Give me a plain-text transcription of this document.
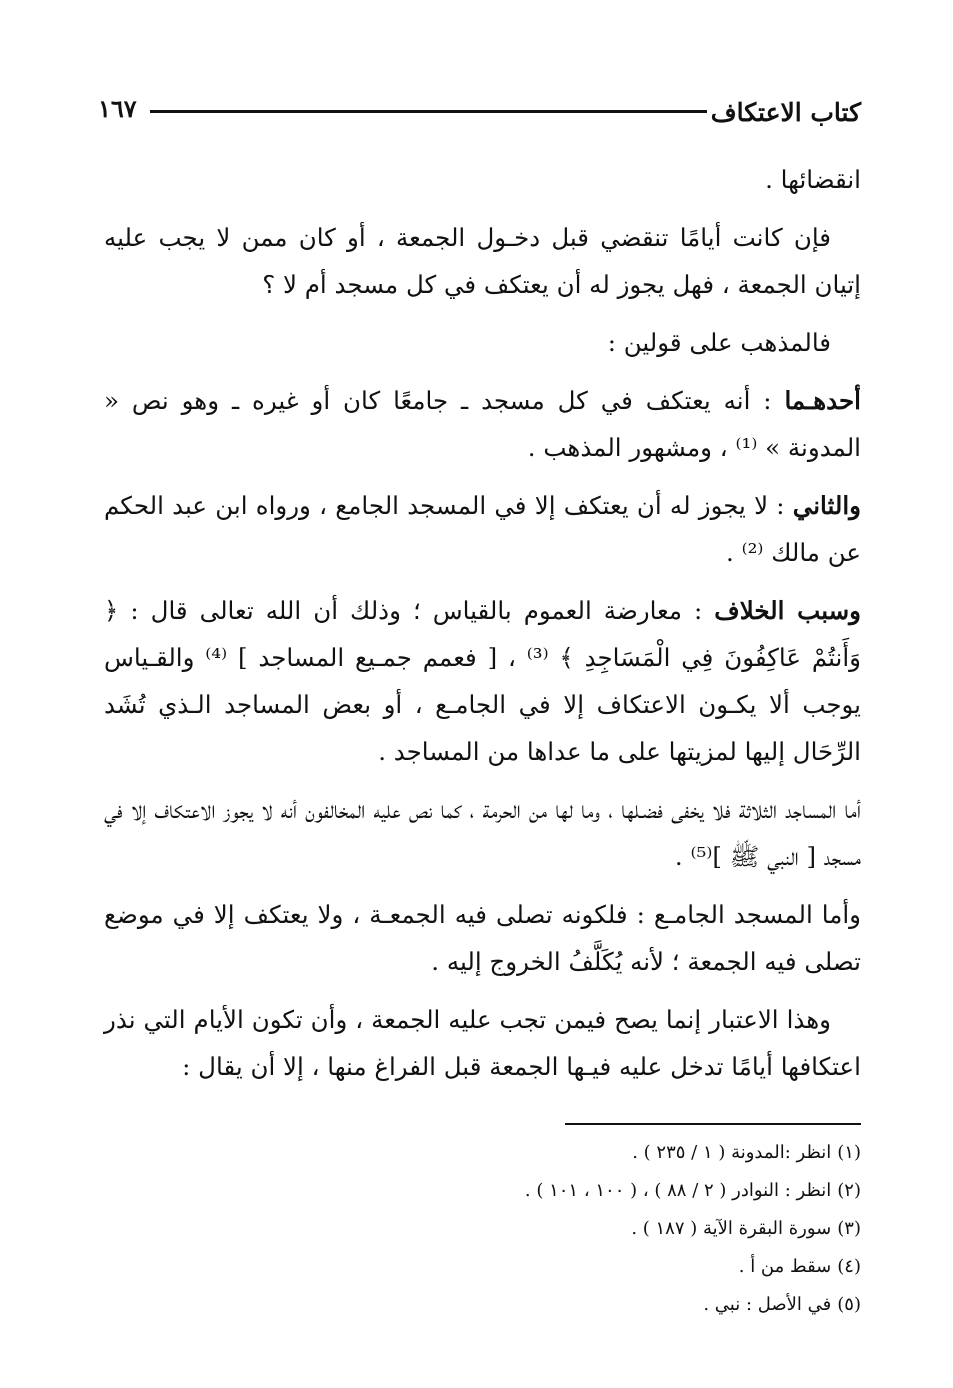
كتاب الاعتكاف
١٦٧

انقضائها .

فإن كانت أيامًا تنقضي قبل دخـول الجمعة ، أو كان ممن لا يجب عليه إتيان الجمعة ، فهل يجوز له أن يعتكف في كل مسجد أم لا ؟

فالمذهب على قولين :

أحدهـما : أنه يعتكف في كل مسجد ـ جامعًا كان أو غيره ـ وهو نص « المدونة » ⁽¹⁾ ، ومشهور المذهب .

والثاني : لا يجوز له أن يعتكف إلا في المسجد الجامع ، ورواه ابن عبد الحكم عن مالك ⁽²⁾ .

وسبب الخلاف : معارضة العموم بالقياس ؛ وذلك أن الله تعالى قال : ﴿ وَأَنتُمْ عَاكِفُونَ فِي الْمَسَاجِدِ ﴾ ⁽³⁾ ، [ فعمم جمـيع المساجد ] ⁽⁴⁾ والقـياس يوجب ألا يكـون الاعتكاف إلا في الجامـع ، أو بعض المساجد الـذي تُشَد الرِّحَال إليها لمزيتها على ما عداها من المساجد .

أما المساجد الثلاثة فلا يخفى فضـلها ، وما لها من الحرمة ، كما نص عليه المخالفون أنه لا يجوز الاعتكاف إلا في مسجد [ النبي ﷺ ]⁽⁵⁾ .

وأما المسجد الجامـع : فلكونه تصلى فيه الجمعـة ، ولا يعتكف إلا في موضع تصلى فيه الجمعة ؛ لأنه يُكَلَّفُ الخروج إليه .

وهذا الاعتبار إنما يصح فيمن تجب عليه الجمعة ، وأن تكون الأيام التي نذر اعتكافها أيامًا تدخل عليه فيـها الجمعة قبل الفراغ منها ، إلا أن يقال :

(١)انظر :المدونة ( ١ / ٢٣٥ ) .
(٢)انظر : النوادر ( ٢ / ٨٨ ) ، ( ١٠٠ ، ١٠١ ) .
(٣)سورة البقرة الآية ( ١٨٧ ) .
(٤)سقط من أ .
(٥)في الأصل : نبي .
